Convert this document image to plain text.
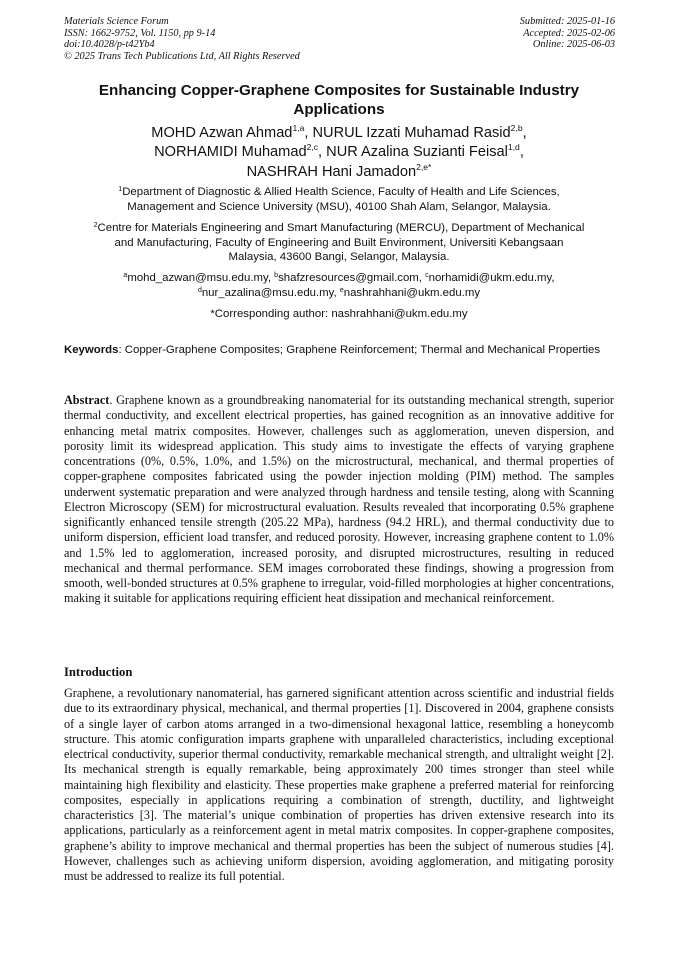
Materials Science Forum
ISSN: 1662-9752, Vol. 1150, pp 9-14
doi:10.4028/p-t42Yb4
© 2025 Trans Tech Publications Ltd, All Rights Reserved
Submitted: 2025-01-16
Accepted: 2025-02-06
Online: 2025-06-03
Enhancing Copper-Graphene Composites for Sustainable Industry
Applications
MOHD Azwan Ahmad$^{1,a}$, NURUL Izzati Muhamad Rasid$^{2,b}$,
NORHAMIDI Muhamad$^{2,c}$, NUR Azalina Suzianti Feisal$^{1,d}$,
NASHRAH Hani Jamadon$^{2,e*}$
$^1$Department of Diagnostic & Allied Health Science, Faculty of Health and Life Sciences,
Management and Science University (MSU), 40100 Shah Alam, Selangor, Malaysia.
$^2$Centre for Materials Engineering and Smart Manufacturing (MERCU), Department of Mechanical
and Manufacturing, Faculty of Engineering and Built Environment, Universiti Kebangsaan
Malaysia, 43600 Bangi, Selangor, Malaysia.
$^a$mohd_azwan@msu.edu.my, $^b$shafzresources@gmail.com, $^c$norhamidi@ukm.edu.my,
$^d$nur_azalina@msu.edu.my, $^e$nashrahhani@ukm.edu.my
*Corresponding author: nashrahhani@ukm.edu.my
Keywords: Copper-Graphene Composites; Graphene Reinforcement; Thermal and Mechanical Properties
Abstract. Graphene known as a groundbreaking nanomaterial for its outstanding mechanical strength, superior thermal conductivity, and excellent electrical properties, has gained recognition as an innovative additive for enhancing metal matrix composites. However, challenges such as agglomeration, uneven dispersion, and porosity limit its widespread application. This study aims to investigate the effects of varying graphene concentrations (0%, 0.5%, 1.0%, and 1.5%) on the microstructural, mechanical, and thermal properties of copper-graphene composites fabricated using the powder injection molding (PIM) method. The samples underwent systematic preparation and were analyzed through hardness and tensile testing, along with Scanning Electron Microscopy (SEM) for microstructural evaluation. Results revealed that incorporating 0.5% graphene significantly enhanced tensile strength (205.22 MPa), hardness (94.2 HRL), and thermal conductivity due to uniform dispersion, efficient load transfer, and reduced porosity. However, increasing graphene content to 1.0% and 1.5% led to agglomeration, increased porosity, and disrupted microstructures, resulting in reduced mechanical and thermal performance. SEM images corroborated these findings, showing a progression from smooth, well-bonded structures at 0.5% graphene to irregular, void-filled morphologies at higher concentrations, making it suitable for applications requiring efficient heat dissipation and mechanical reinforcement.
Introduction
Graphene, a revolutionary nanomaterial, has garnered significant attention across scientific and industrial fields due to its extraordinary physical, mechanical, and thermal properties [1]. Discovered in 2004, graphene consists of a single layer of carbon atoms arranged in a two-dimensional hexagonal lattice, resembling a honeycomb structure. This atomic configuration imparts graphene with unparalleled characteristics, including exceptional electrical conductivity, superior thermal conductivity, remarkable mechanical strength, and ultralight weight [2]. Its mechanical strength is equally remarkable, being approximately 200 times stronger than steel while maintaining high flexibility and elasticity. These properties make graphene a preferred material for reinforcing composites, especially in applications requiring a combination of strength, ductility, and lightweight characteristics [3]. The material’s unique combination of properties has driven extensive research into its applications, particularly as a reinforcement agent in metal matrix composites. In copper-graphene composites, graphene’s ability to improve mechanical and thermal properties has been the subject of numerous studies [4]. However, challenges such as achieving uniform dispersion, avoiding agglomeration, and mitigating porosity must be addressed to realize its full potential.
